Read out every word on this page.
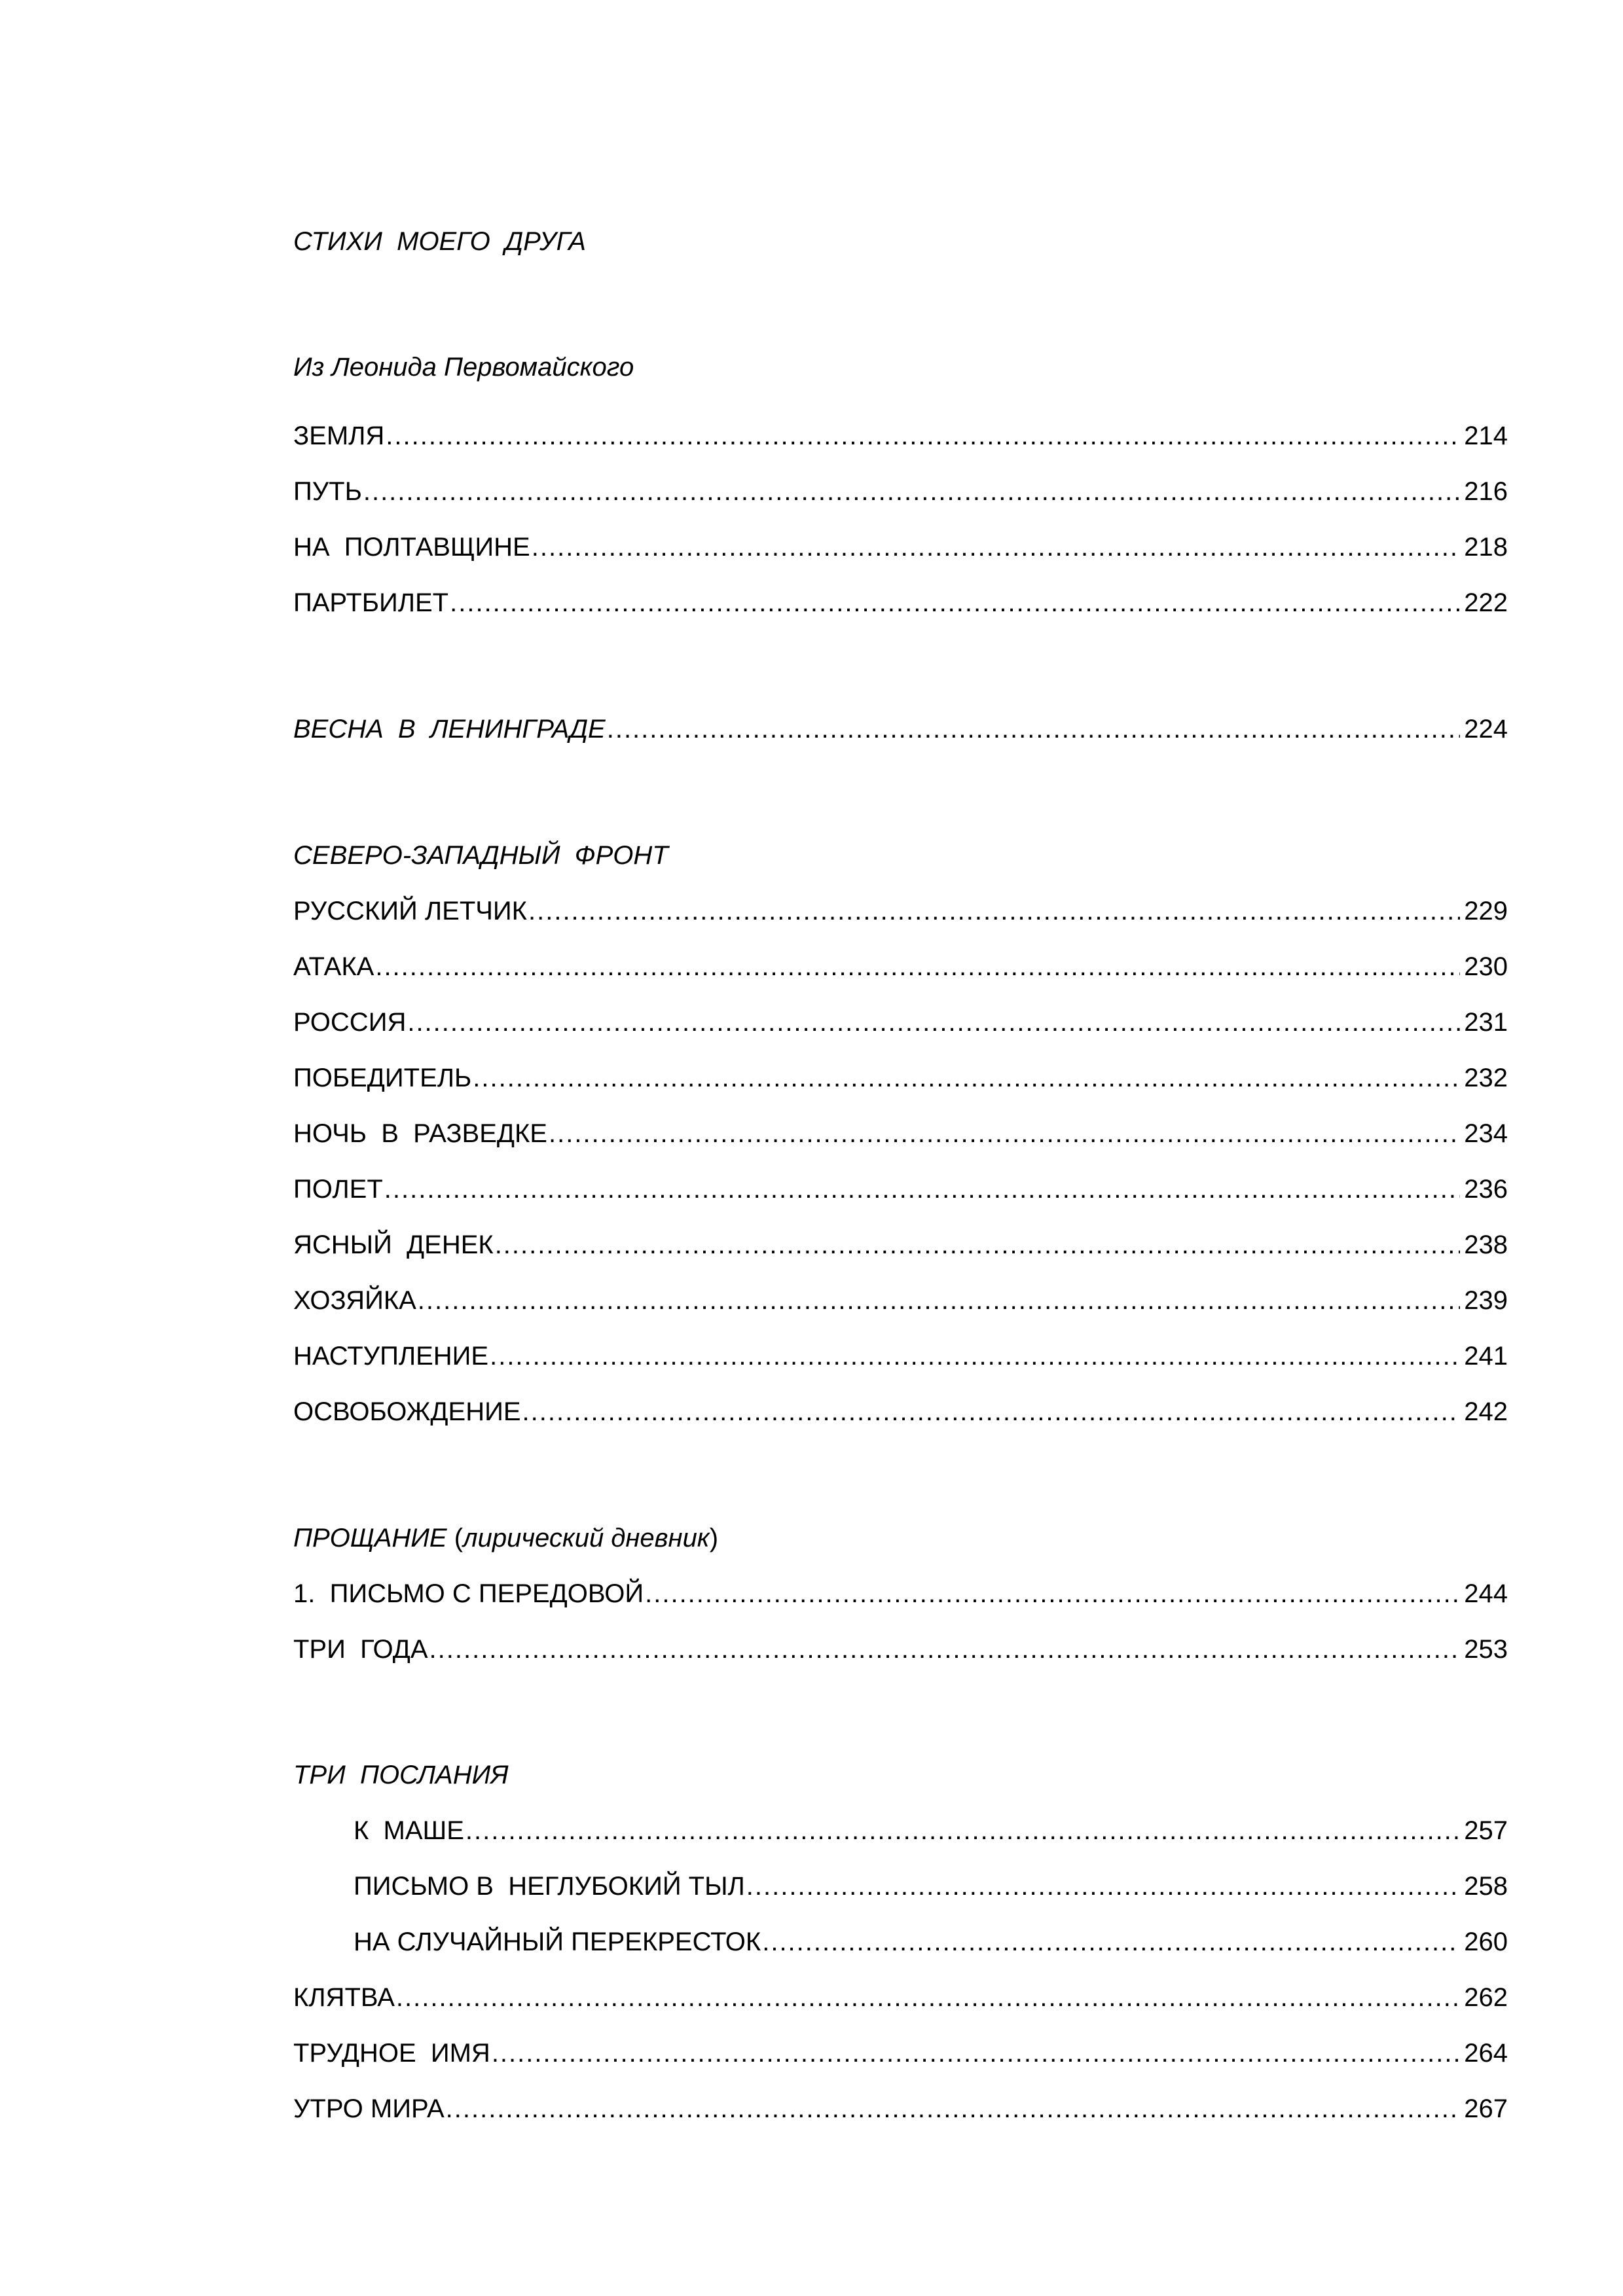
СТИХИ  МОЕГО  ДРУГА
Из Леонида Первомайского
ЗЕМЛЯ .....	214
ПУТЬ .....	216
НА  ПОЛТАВЩИНЕ .....	218
ПАРТБИЛЕТ .....	222
ВЕСНА  В  ЛЕНИНГРАДЕ .....	224
СЕВЕРО-ЗАПАДНЫЙ  ФРОНТ
РУССКИЙ ЛЕТЧИК .....	229
АТАКА .....	230
РОССИЯ .....	231
ПОБЕДИТЕЛЬ .....	232
НОЧЬ  В  РАЗВЕДКЕ .....	234
ПОЛЕТ .....	236
ЯСНЫЙ  ДЕНЕК .....	238
ХОЗЯЙКА .....	239
НАСТУПЛЕНИЕ .....	241
ОСВОБОЖДЕНИЕ .....	242
ПРОЩАНИЕ (лирический дневник)
1.  ПИСЬМО С ПЕРЕДОВОЙ .....	244
ТРИ  ГОДА .....	253
ТРИ  ПОСЛАНИЯ
К  МАШЕ .....	257
ПИСЬМО В  НЕГЛУБОКИЙ ТЫЛ .....	258
НА СЛУЧАЙНЫЙ ПЕРЕКРЕСТОК .....	260
КЛЯТВА .....	262
ТРУДНОЕ  ИМЯ .....	264
УТРО МИРА .....	267
